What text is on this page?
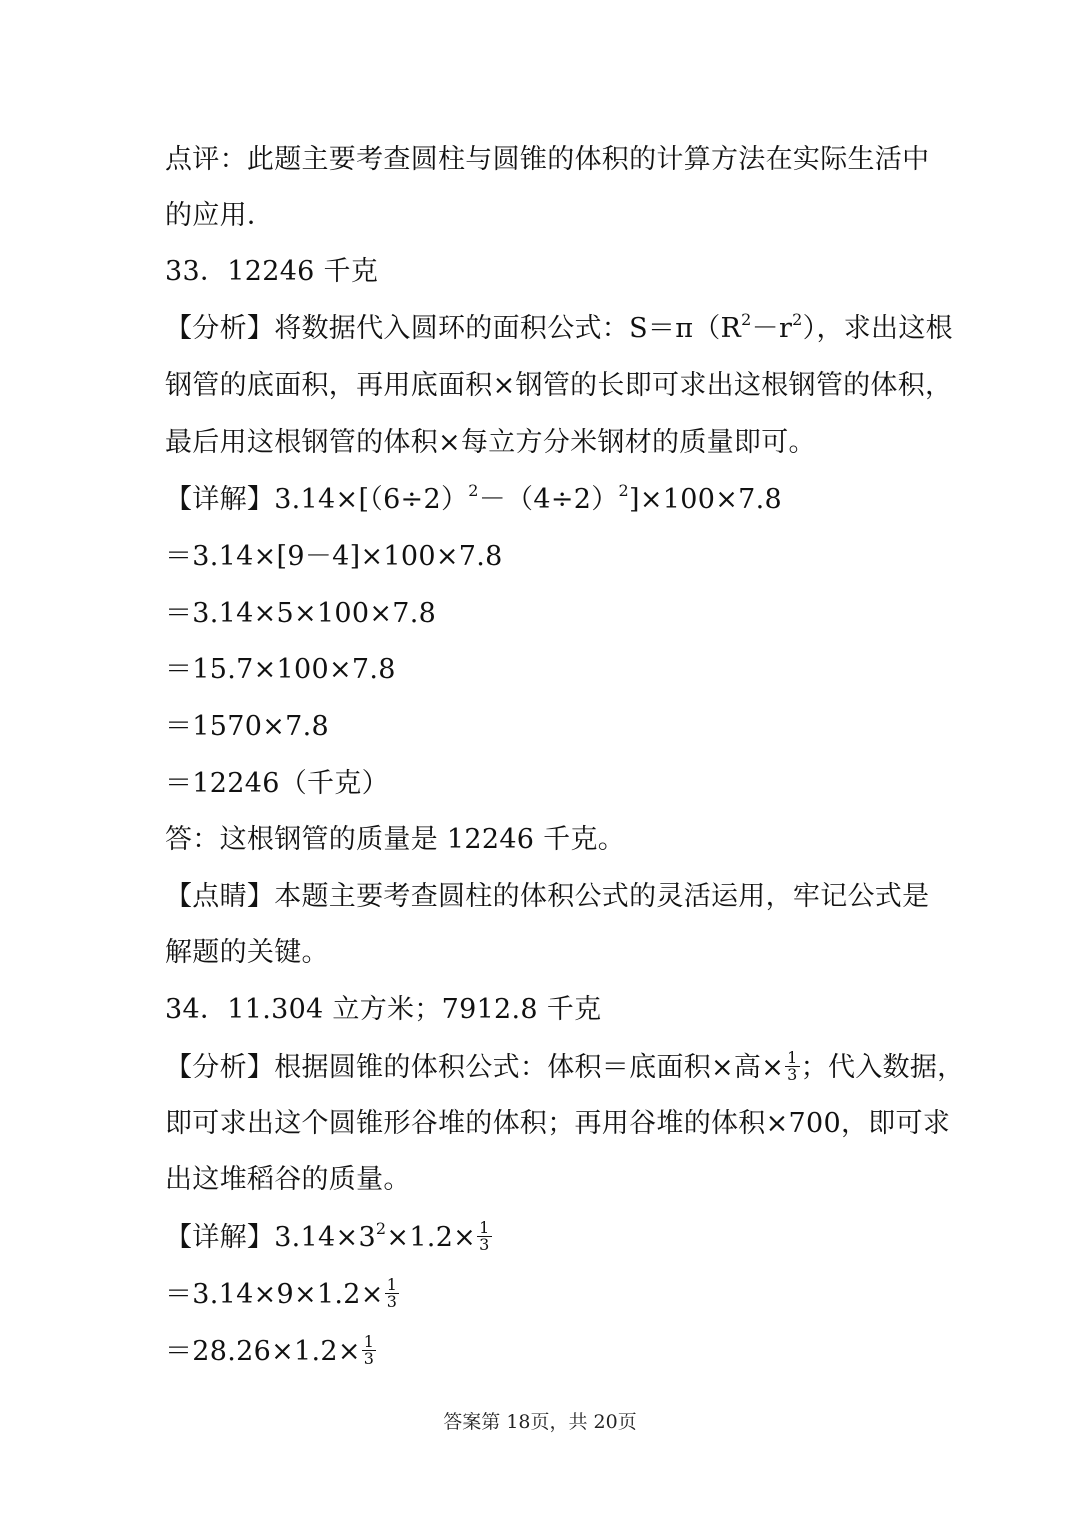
点评：此题主要考查圆柱与圆锥的体积的计算方法在实际生活中
的应用．
33．12246 千克
【分析】将数据代入圆环的面积公式：$S=\pi(R^2-r^2)$，求出这根
钢管的底面积，再用底面积×钢管的长即可求出这根钢管的体积，
最后用这根钢管的体积×每立方分米钢材的质量即可。
【详解】$3.14\times[(6\div 2)^2-(4\div 2)^2]\times 100\times 7.8$
＝3.14×[9－4]×100×7.8
＝3.14×5×100×7.8
＝15.7×100×7.8
＝1570×7.8
＝12246（千克）
答：这根钢管的质量是 12246 千克。
【点睛】本题主要考查圆柱的体积公式的灵活运用，牢记公式是
解题的关键。
34．11.304 立方米；7912.8 千克
【分析】根据圆锥的体积公式：体积＝底面积×高× $\frac{1}{3}$ ；代入数据，
即可求出这个圆锥形谷堆的体积；再用谷堆的体积×700，即可求
出这堆稻谷的质量。
【详解】$3.14\times 3^2\times 1.2\times \frac{1}{3}$
$=3.14\times 9\times 1.2\times \frac{1}{3}$
$=28.26\times 1.2\times \frac{1}{3}$
答案第 18页，共 20页
